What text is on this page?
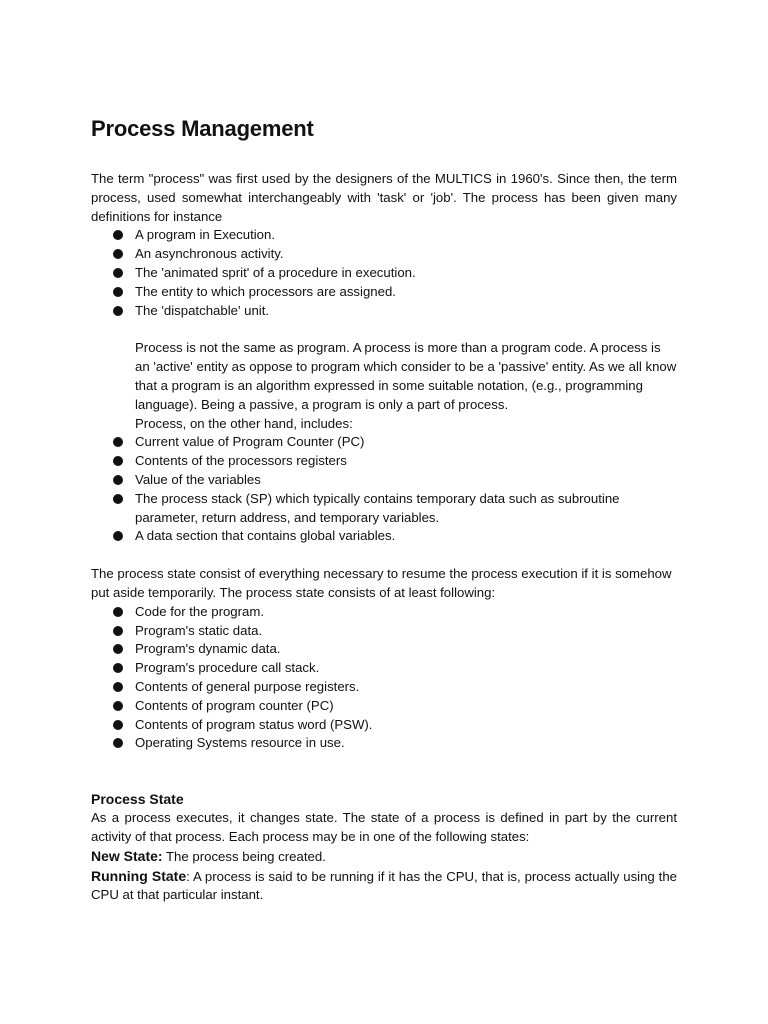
Process Management

The term "process" was first used by the designers of the MULTICS in 1960's. Since then, the term process, used somewhat interchangeably with 'task' or 'job'. The process has been given many definitions for instance

A program in Execution.
An asynchronous activity.
The 'animated sprit' of a procedure in execution.
The entity to which processors are assigned.
The 'dispatchable' unit.

Process is not the same as program. A process is more than a program code. A process is an 'active' entity as oppose to program which consider to be a 'passive' entity. As we all know that a program is an algorithm expressed in some suitable notation, (e.g., programming language). Being a passive, a program is only a part of process.

Process, on the other hand, includes:

Current value of Program Counter (PC)
Contents of the processors registers
Value of the variables
The process stack (SP) which typically contains temporary data such as subroutine parameter, return address, and temporary variables.
A data section that contains global variables.

The process state consist of everything necessary to resume the process execution if it is somehow put aside temporarily. The process state consists of at least following:

Code for the program.
Program's static data.
Program's dynamic data.
Program's procedure call stack.
Contents of general purpose registers.
Contents of program counter (PC)
Contents of program status word (PSW).
Operating Systems resource in use.
Process State

As a process executes, it changes state. The state of a process is defined in part by the current activity of that process. Each process may be in one of the following states:

New State: The process being created.

Running State: A process is said to be running if it has the CPU, that is, process actually using the CPU at that particular instant.
